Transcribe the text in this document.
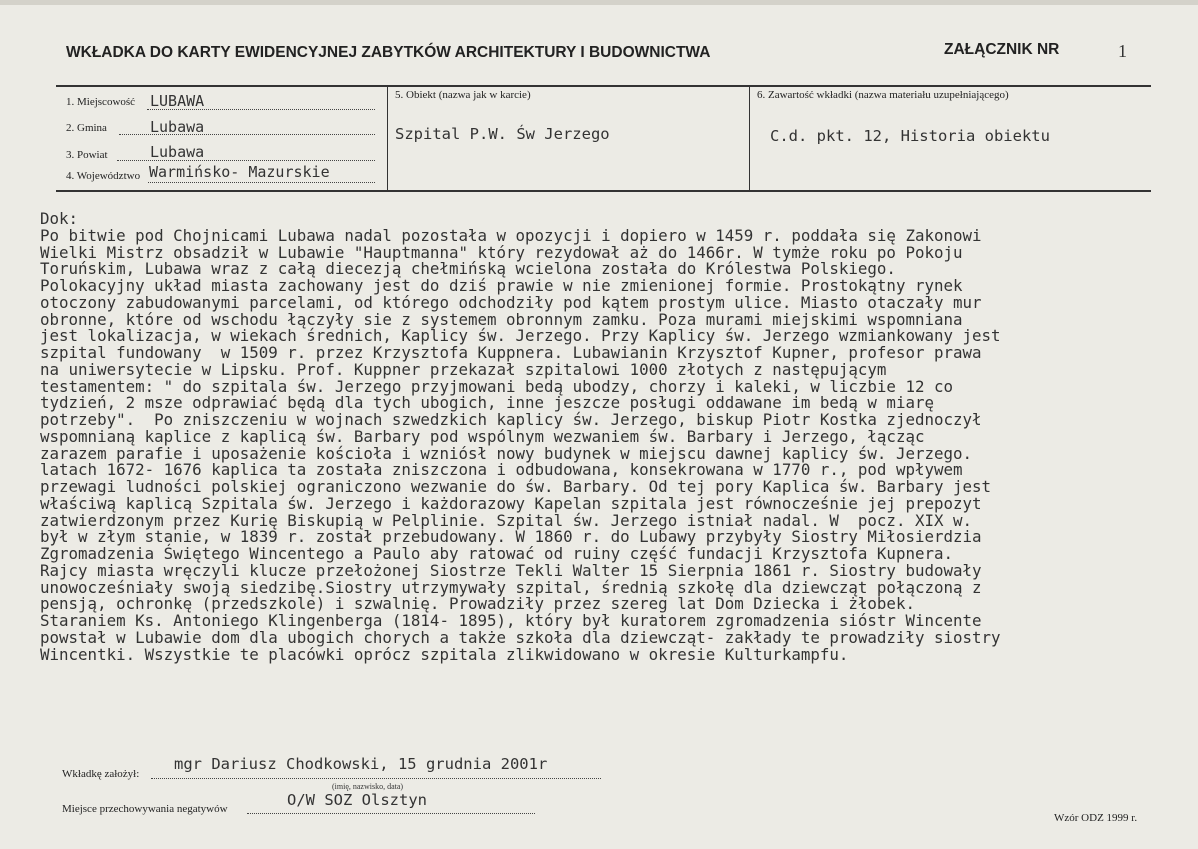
WKŁADKA DO KARTY EWIDENCYJNEJ ZABYTKÓW ARCHITEKTURY I BUDOWNICTWA	ZAŁĄCZNIK NR	1
1. Miejscowość LUBAWA
2. Gmina	Lubawa
3. Powiat	Lubawa
4. Województwo Warmińsko- Mazurskie
5. Obiekt (nazwa jak w karcie)
Szpital P.W. Św Jerzego
6. Zawartość wkładki (nazwa materiału uzupełniającego)
C.d. pkt. 12, Historia obiektu
Dok:
Po bitwie pod Chojnicami Lubawa nadal pozostała w opozycji i dopiero w 1459 r. poddała się Zakonowi
Wielki Mistrz obsadził w Lubawie "Hauptmanna" który rezydował aż do 1466r. W tymże roku po Pokoju
Toruńskim, Lubawa wraz z całą diecezją chełmińską wcielona została do Królestwa Polskiego.
Polokacyjny układ miasta zachowany jest do dziś prawie w nie zmienionej formie. Prostokątny rynek
otoczony zabudowanymi parcelami, od którego odchodziły pod kątem prostym ulice. Miasto otaczały mur
obronne, które od wschodu łączyły sie z systemem obronnym zamku. Poza murami miejskimi wspomniana
jest lokalizacja, w wiekach średnich, Kaplicy św. Jerzego. Przy Kaplicy św. Jerzego wzmiankowany jest
szpital fundowany  w 1509 r. przez Krzysztofa Kuppnera. Lubawianin Krzysztof Kupner, profesor prawa
na uniwersytecie w Lipsku. Prof. Kuppner przekazał szpitalowi 1000 złotych z następującym
testamentem: " do szpitala św. Jerzego przyjmowani bedą ubodzy, chorzy i kaleki, w liczbie 12 co
tydzień, 2 msze odprawiać będą dla tych ubogich, inne jeszcze posługi oddawane im bedą w miarę
potrzeby".  Po zniszczeniu w wojnach szwedzkich kaplicy św. Jerzego, biskup Piotr Kostka zjednoczył
wspomnianą kaplice z kaplicą św. Barbary pod wspólnym wezwaniem św. Barbary i Jerzego, łącząc
zarazem parafie i uposażenie kościoła i wzniósł nowy budynek w miejscu dawnej kaplicy św. Jerzego.
latach 1672- 1676 kaplica ta została zniszczona i odbudowana, konsekrowana w 1770 r., pod wpływem
przewagi ludności polskiej ograniczono wezwanie do św. Barbary. Od tej pory Kaplica św. Barbary jest
właściwą kaplicą Szpitala św. Jerzego i każdorazowy Kapelan szpitala jest równocześnie jej prepozyt
zatwierdzonym przez Kurię Biskupią w Pelplinie. Szpital św. Jerzego istniał nadal. W  pocz. XIX w.
był w złym stanie, w 1839 r. został przebudowany. W 1860 r. do Lubawy przybyły Siostry Miłosierdzia
Zgromadzenia Świętego Wincentego a Paulo aby ratować od ruiny część fundacji Krzysztofa Kupnera.
Rajcy miasta wręczyli klucze przełożonej Siostrze Tekli Walter 15 Sierpnia 1861 r. Siostry budowały
unowocześniały swoją siedzibę.Siostry utrzymywały szpital, średnią szkołę dla dziewcząt połączoną z
pensją, ochronkę (przedszkole) i szwalnię. Prowadziły przez szereg lat Dom Dziecka i żłobek.
Staraniem Ks. Antoniego Klingenberga (1814- 1895), który był kuratorem zgromadzenia sióstr Wincente
powstał w Lubawie dom dla ubogich chorych a także szkoła dla dziewcząt- zakłady te prowadziły siostry
Wincentki. Wszystkie te placówki oprócz szpitala zlikwidowano w okresie Kulturkampfu.
Wkładkę założył:
mgr Dariusz Chodkowski, 15 grudnia 2001r
(imię, nazwisko, data)
Miejsce przechowywania negatywów	O/W SOZ Olsztyn
Wzór ODZ 1999 r.
